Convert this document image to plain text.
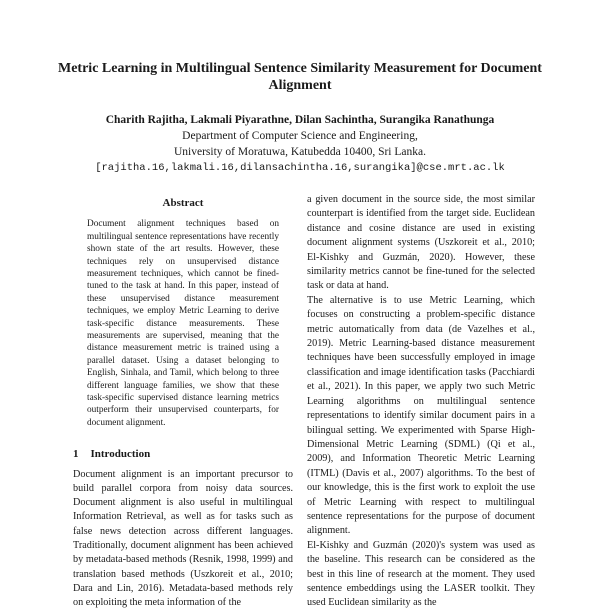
Metric Learning in Multilingual Sentence Similarity Measurement for Document Alignment
Charith Rajitha, Lakmali Piyarathne, Dilan Sachintha, Surangika Ranathunga
Department of Computer Science and Engineering,
University of Moratuwa, Katubedda 10400, Sri Lanka.
[rajitha.16,lakmali.16,dilansachintha.16,surangika]@cse.mrt.ac.lk
Abstract

Document alignment techniques based on multilingual sentence representations have recently shown state of the art results. However, these techniques rely on unsupervised distance measurement techniques, which cannot be fined-tuned to the task at hand. In this paper, instead of these unsupervised distance measurement techniques, we employ Metric Learning to derive task-specific distance measurements. These measurements are supervised, meaning that the distance measurement metric is trained using a parallel dataset. Using a dataset belonging to English, Sinhala, and Tamil, which belong to three different language families, we show that these task-specific supervised distance learning metrics outperform their unsupervised counterparts, for document alignment.

1 Introduction

Document alignment is an important precursor to build parallel corpora from noisy data sources. Document alignment is also useful in multilingual Information Retrieval, as well as for tasks such as false news detection across different languages. Traditionally, document alignment has been achieved by metadata-based methods (Resnik, 1998, 1999) and translation based methods (Uszkoreit et al., 2010; Dara and Lin, 2016). Metadata-based methods rely on exploiting the meta information of the

a given document in the source side, the most similar counterpart is identified from the target side. Euclidean distance and cosine distance are used in existing document alignment systems (Uszkoreit et al., 2010; El-Kishky and Guzmán, 2020). However, these similarity metrics cannot be fine-tuned for the selected task or data at hand.

The alternative is to use Metric Learning, which focuses on constructing a problem-specific distance metric automatically from data (de Vazelhes et al., 2019). Metric Learning-based distance measurement techniques have been successfully employed in image classification and image identification tasks (Pacchiardi et al., 2021). In this paper, we apply two such Metric Learning algorithms on multilingual sentence representations to identify similar document pairs in a bilingual setting. We experimented with Sparse High-Dimensional Metric Learning (SDML) (Qi et al., 2009), and Information Theoretic Metric Learning (ITML) (Davis et al., 2007) algorithms. To the best of our knowledge, this is the first work to exploit the use of Metric Learning with respect to multilingual sentence representations for the purpose of document alignment.

El-Kishky and Guzmán (2020)'s system was used as the baseline. This research can be considered as the best in this line of research at the moment. They used sentence embeddings using the LASER toolkit. They used Euclidean similarity as the
